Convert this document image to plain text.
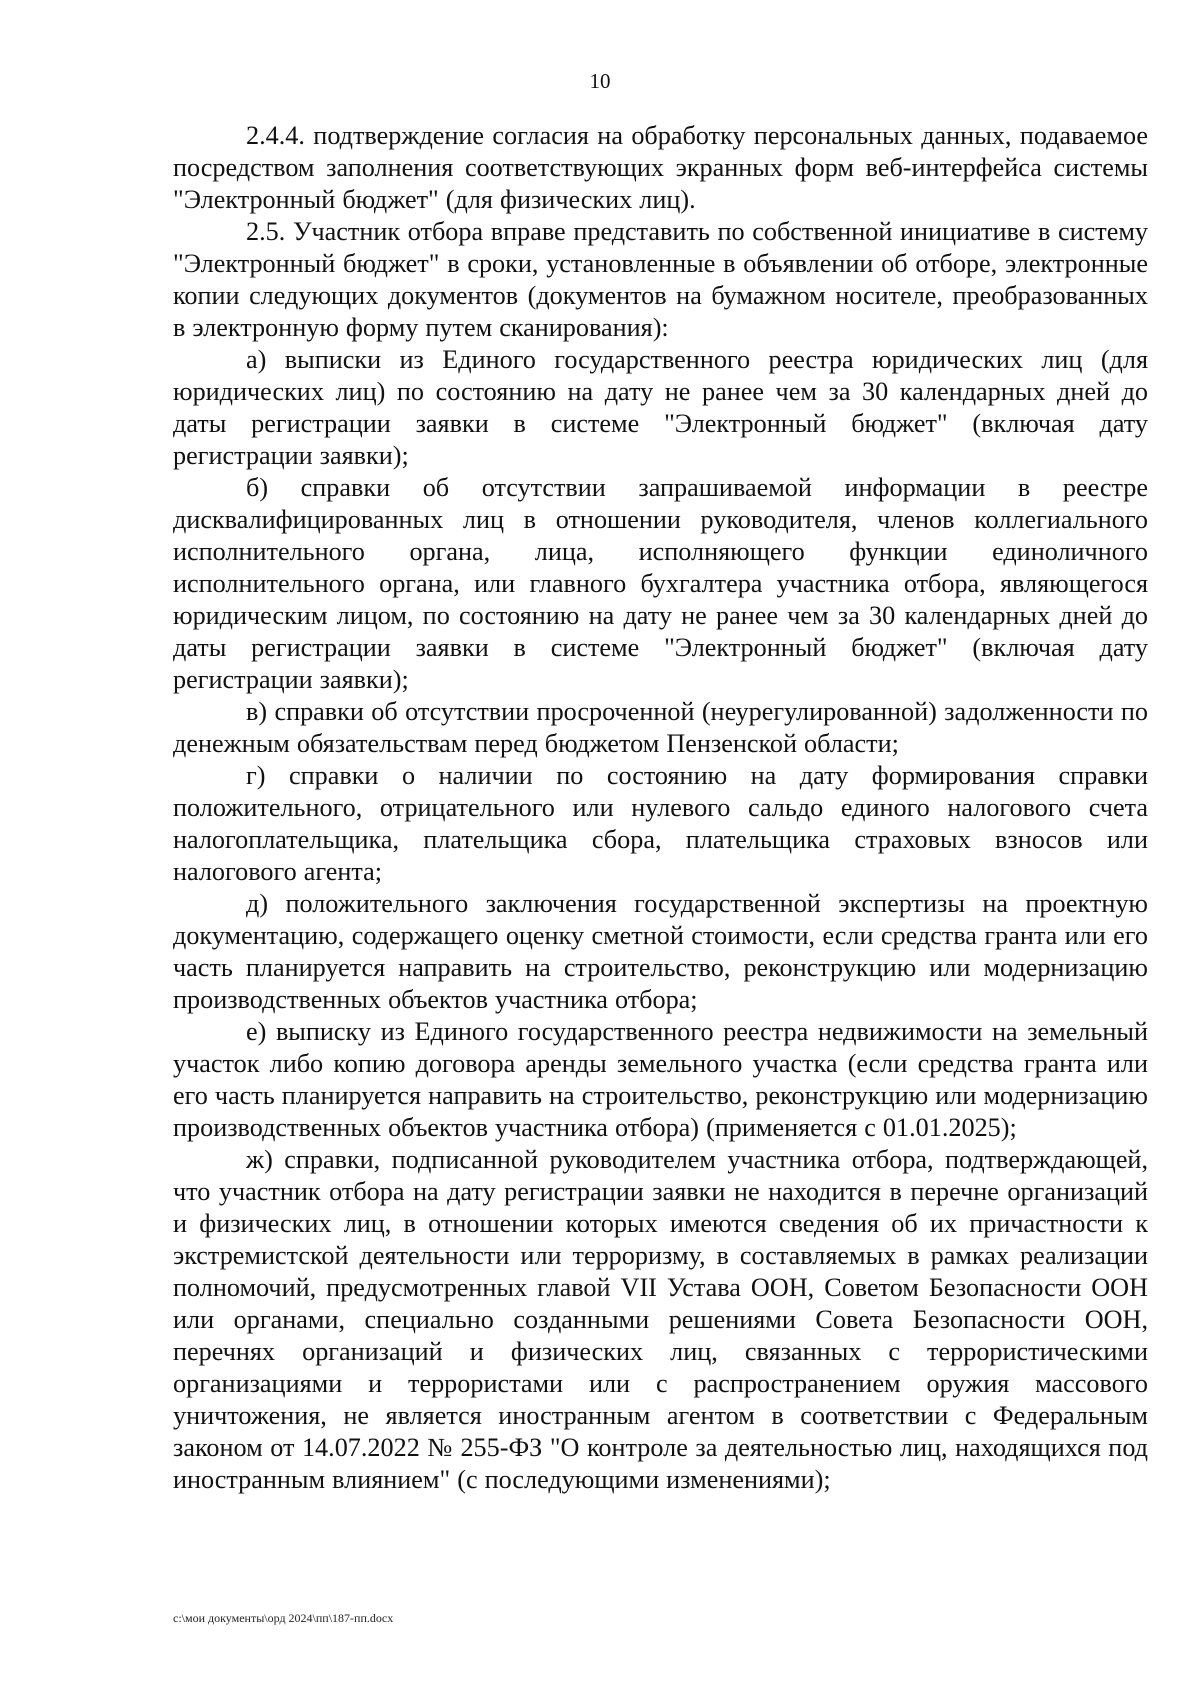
10

2.4.4. подтверждение согласия на обработку персональных данных, подаваемое посредством заполнения соответствующих экранных форм веб-интерфейса системы "Электронный бюджет" (для физических лиц).

2.5. Участник отбора вправе представить по собственной инициативе в систему "Электронный бюджет" в сроки, установленные в объявлении об отборе, электронные копии следующих документов (документов на бумажном носителе, преобразованных в электронную форму путем сканирования):

а) выписки из Единого государственного реестра юридических лиц (для юридических лиц) по состоянию на дату не ранее чем за 30 календарных дней до даты регистрации заявки в системе "Электронный бюджет" (включая дату регистрации заявки);

б) справки об отсутствии запрашиваемой информации в реестре дисквалифицированных лиц в отношении руководителя, членов коллегиального исполнительного органа, лица, исполняющего функции единоличного исполнительного органа, или главного бухгалтера участника отбора, являющегося юридическим лицом, по состоянию на дату не ранее чем за 30 календарных дней до даты регистрации заявки в системе "Электронный бюджет" (включая дату регистрации заявки);

в) справки об отсутствии просроченной (неурегулированной) задолженности по денежным обязательствам перед бюджетом Пензенской области;

г) справки о наличии по состоянию на дату формирования справки положительного, отрицательного или нулевого сальдо единого налогового счета налогоплательщика, плательщика сбора, плательщика страховых взносов или налогового агента;

д) положительного заключения государственной экспертизы на проектную документацию, содержащего оценку сметной стоимости, если средства гранта или его часть планируется направить на строительство, реконструкцию или модернизацию производственных объектов участника отбора;

е) выписку из Единого государственного реестра недвижимости на земельный участок либо копию договора аренды земельного участка (если средства гранта или его часть планируется направить на строительство, реконструкцию или модернизацию производственных объектов участника отбора) (применяется с 01.01.2025);

ж) справки, подписанной руководителем участника отбора, подтверждающей, что участник отбора на дату регистрации заявки не находится в перечне организаций и физических лиц, в отношении которых имеются сведения об их причастности к экстремистской деятельности или терроризму, в составляемых в рамках реализации полномочий, предусмотренных главой VII Устава ООН, Советом Безопасности ООН или органами, специально созданными решениями Совета Безопасности ООН, перечнях организаций и физических лиц, связанных с террористическими организациями и террористами или с распространением оружия массового уничтожения, не является иностранным агентом в соответствии с Федеральным законом от 14.07.2022 № 255-ФЗ "О контроле за деятельностью лиц, находящихся под иностранным влиянием" (с последующими изменениями);

c:\мои документы\орд 2024\пп\187-пп.docx
